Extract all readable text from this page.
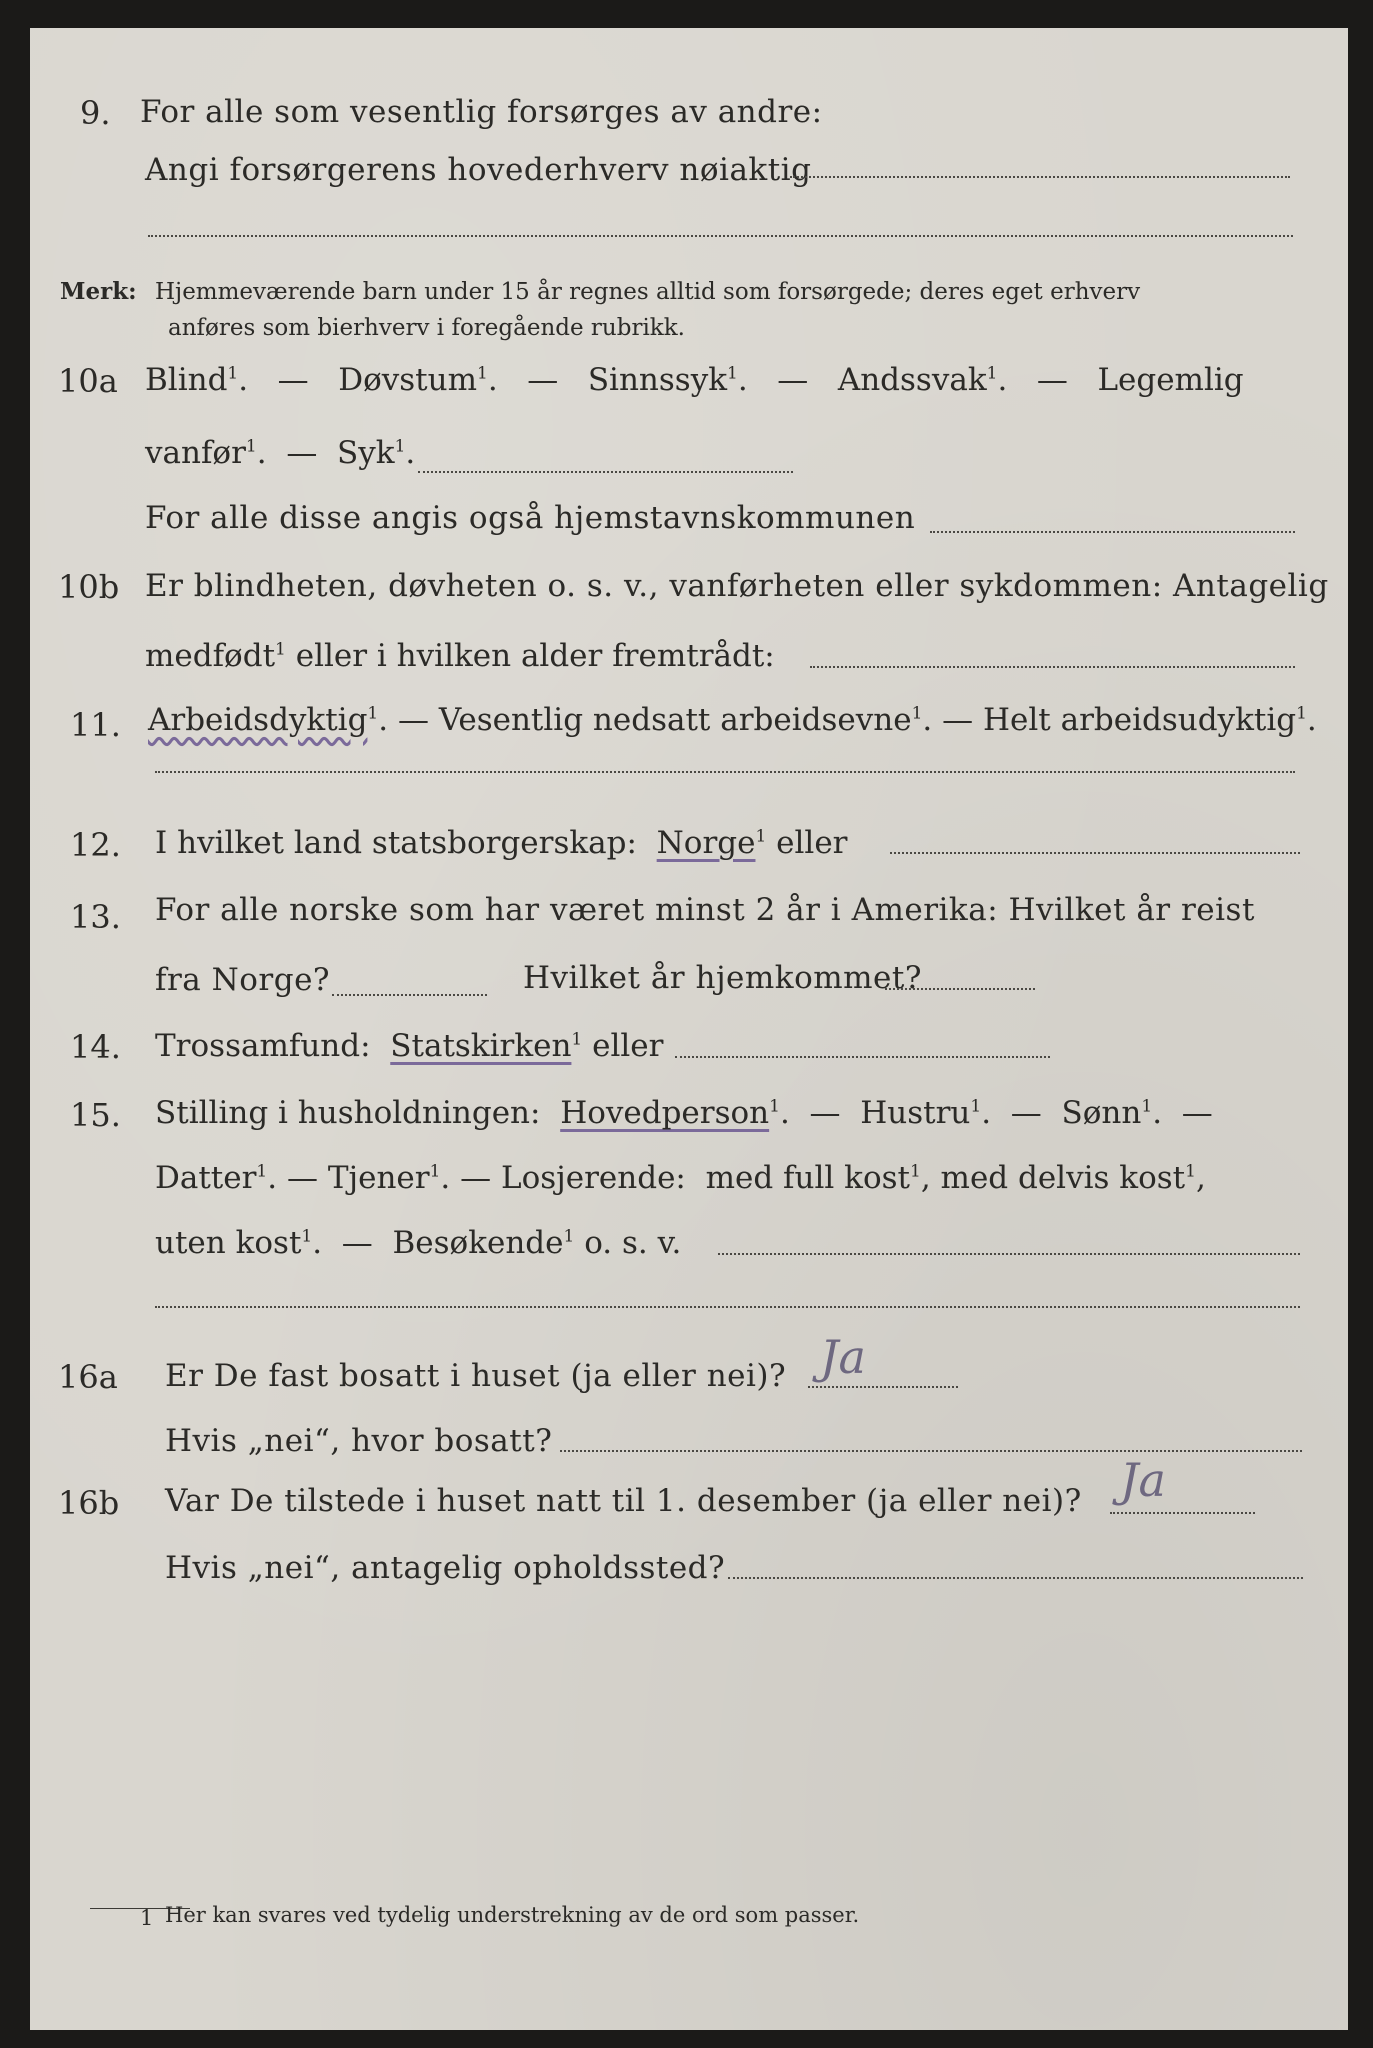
9. For alle som vesentlig forsørges av andre:
Angi forsørgerens hovederhverv nøiaktig
Merk: Hjemmeværende barn under 15 år regnes alltid som forsørgede; deres eget erhverv
anføres som bierhverv i foregående rubrikk.
10a Blind$^1$.   — Døvstum$^1$.   — Sinnssyk$^1$.   — Andssvak$^1$.   — Legemlig
vanfør$^1$.  — Syk$^1$.
For alle disse angis også hjemstavnskommunen
10b Er blindheten, døvheten o. s. v., vanførheten eller sykdommen: Antagelig
medfødt$^1$ eller i hvilken alder fremtrådt:
11. Arbeidsdyktig$^1$. — Vesentlig nedsatt arbeidsevne$^1$. — Helt arbeidsudyktig$^1$.
12. I hvilket land statsborgerskap: Norge$^1$ eller
13. For alle norske som har været minst 2 år i Amerika: Hvilket år reist
fra Norge?	Hvilket år hjemkommet?
14. Trossamfund: Statskirken$^1$ eller
15. Stilling i husholdningen: Hovedperson$^1$.  — Hustru$^1$.  — Sønn$^1$.  —
Datter$^1$. — Tjener$^1$. — Losjerende: med full kost$^1$, med delvis kost$^1$,
uten kost$^1$.  — Besøkende$^1$ o. s. v.
16a Er De fast bosatt i huset (ja eller nei)? Ja
Hvis „nei“, hvor bosatt?
16b Var De tilstede i huset natt til 1. desember (ja eller nei)? Ja
Hvis „nei“, antagelig opholdssted?
1 Her kan svares ved tydelig understrekning av de ord som passer.
